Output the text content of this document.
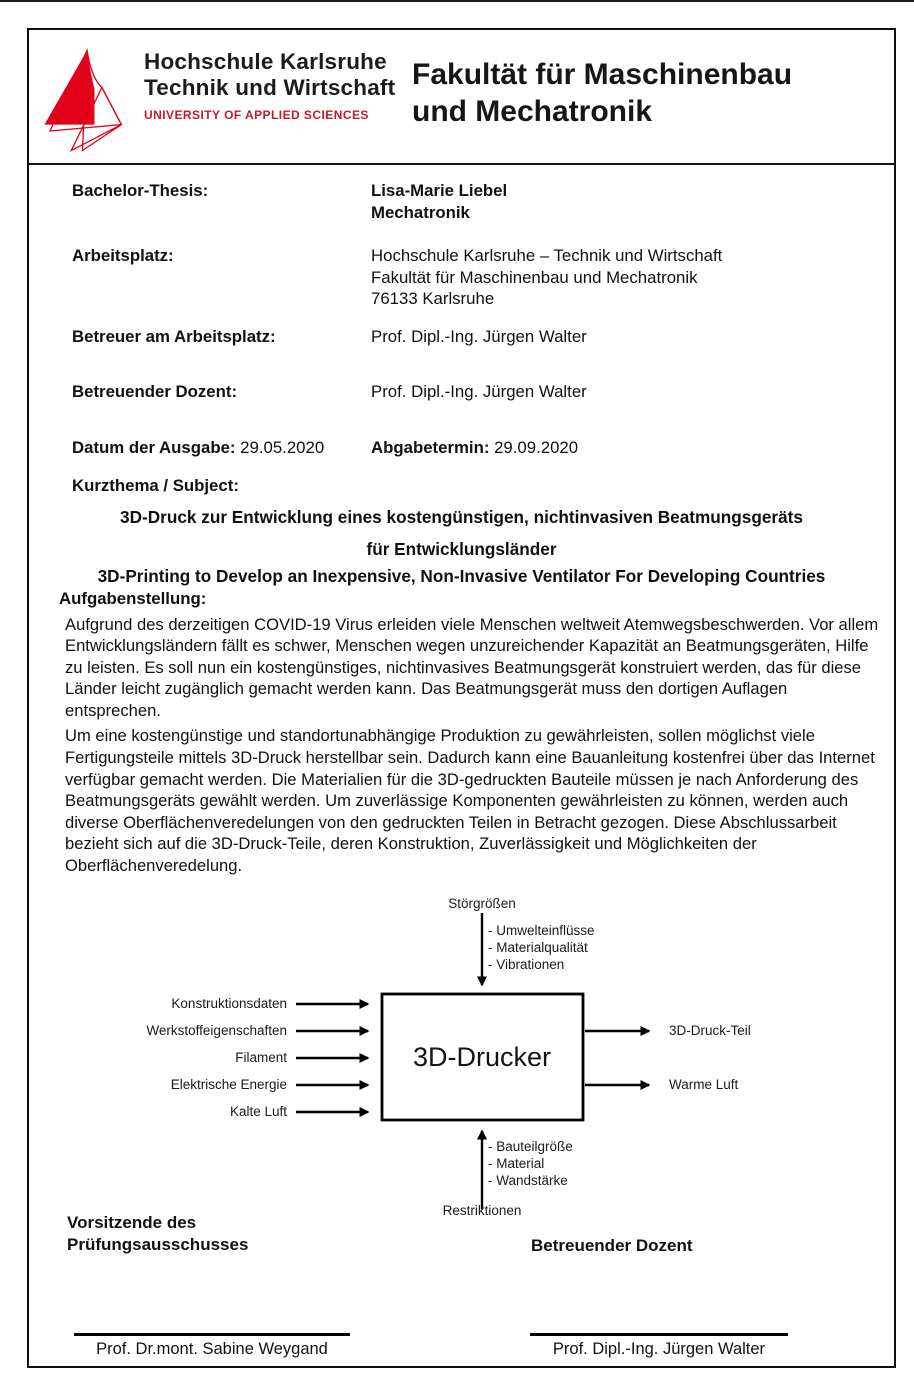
Hochschule Karlsruhe
Technik und Wirtschaft
UNIVERSITY OF APPLIED SCIENCES
Fakultät für Maschinenbau
und Mechatronik
Bachelor-Thesis:	Lisa-Marie Liebel
Mechatronik
Arbeitsplatz:	Hochschule Karlsruhe – Technik und Wirtschaft
Fakultät für Maschinenbau und Mechatronik
76133 Karlsruhe
Betreuer am Arbeitsplatz:	Prof. Dipl.-Ing. Jürgen Walter
Betreuender Dozent:	Prof. Dipl.-Ing. Jürgen Walter
Datum der Ausgabe: 29.05.2020	Abgabetermin: 29.09.2020
Kurzthema / Subject:
3D-Druck zur Entwicklung eines kostengünstigen, nichtinvasiven Beatmungsgeräts
für Entwicklungsländer
3D-Printing to Develop an Inexpensive, Non-Invasive Ventilator For Developing Countries
Aufgabenstellung:
Aufgrund des derzeitigen COVID-19 Virus erleiden viele Menschen weltweit Atemwegsbeschwerden. Vor allem Entwicklungsländern fällt es schwer, Menschen wegen unzureichender Kapazität an Beatmungsgeräten, Hilfe zu leisten. Es soll nun ein kostengünstiges, nichtinvasives Beatmungsgerät konstruiert werden, das für diese Länder leicht zugänglich gemacht werden kann. Das Beatmungsgerät muss den dortigen Auflagen entsprechen.
Um eine kostengünstige und standortunabhängige Produktion zu gewährleisten, sollen möglichst viele Fertigungsteile mittels 3D-Druck herstellbar sein. Dadurch kann eine Bauanleitung kostenfrei über das Internet verfügbar gemacht werden. Die Materialien für die 3D-gedruckten Bauteile müssen je nach Anforderung des Beatmungsgeräts gewählt werden. Um zuverlässige Komponenten gewährleisten zu können, werden auch diverse Oberflächenveredelungen von den gedruckten Teilen in Betracht gezogen. Diese Abschlussarbeit bezieht sich auf die 3D-Druck-Teile, deren Konstruktion, Zuverlässigkeit und Möglichkeiten der Oberflächenveredelung.
Störgrößen
- Umwelteinflüsse
- Materialqualität
- Vibrationen
Konstruktionsdaten
Werkstoffeigenschaften
Filament
Elektrische Energie
Kalte Luft
3D-Drucker
3D-Druck-Teil
Warme Luft
- Bauteilgröße
- Material
- Wandstärke
Restriktionen
Vorsitzende des
Prüfungsausschusses	Betreuender Dozent
Prof. Dr.mont. Sabine Weygand	Prof. Dipl.-Ing. Jürgen Walter
